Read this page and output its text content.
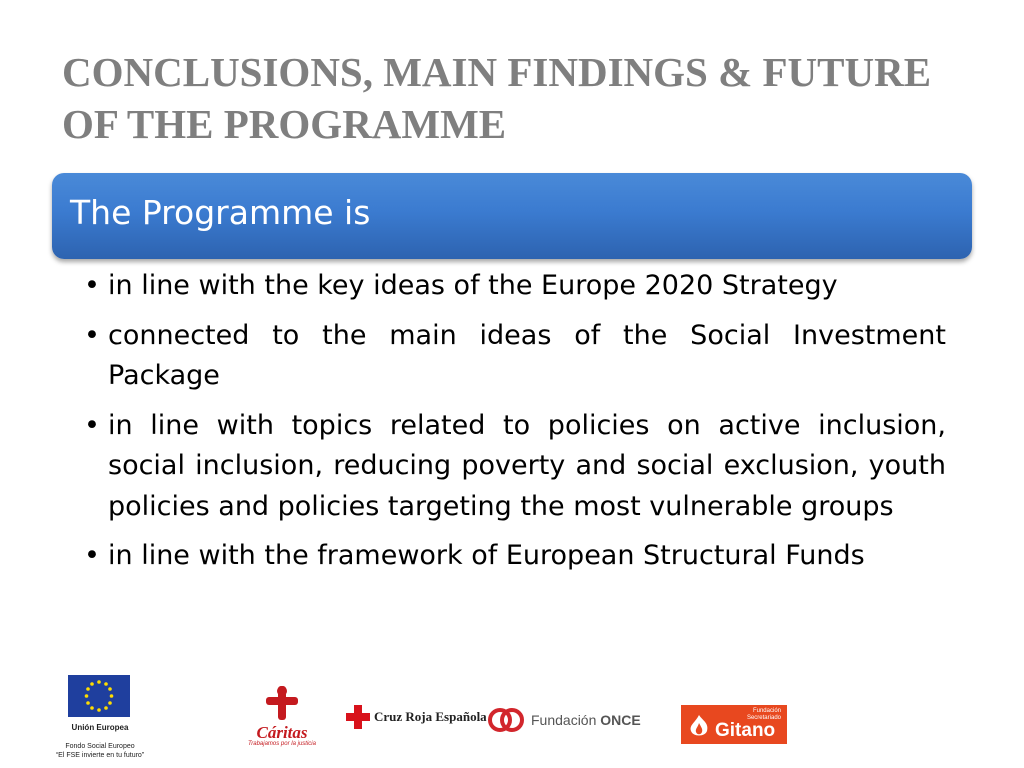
CONCLUSIONS, MAIN FINDINGS & FUTURE
OF THE PROGRAMME
The Programme is
• in line with the key ideas of the Europe 2020 Strategy
• connected to the main ideas of the Social Investment Package
• in line with topics related to policies on active inclusion, social inclusion, reducing poverty and social exclusion, youth policies and policies targeting the most vulnerable groups
• in line with the framework of European Structural Funds
Unión Europea

Fondo Social Europeo
“El FSE invierte en tu futuro”
Cáritas
Trabajamos por la justicia
Cruz Roja Española	Fundación ONCE
Fundación
Secretariado
Gitano
